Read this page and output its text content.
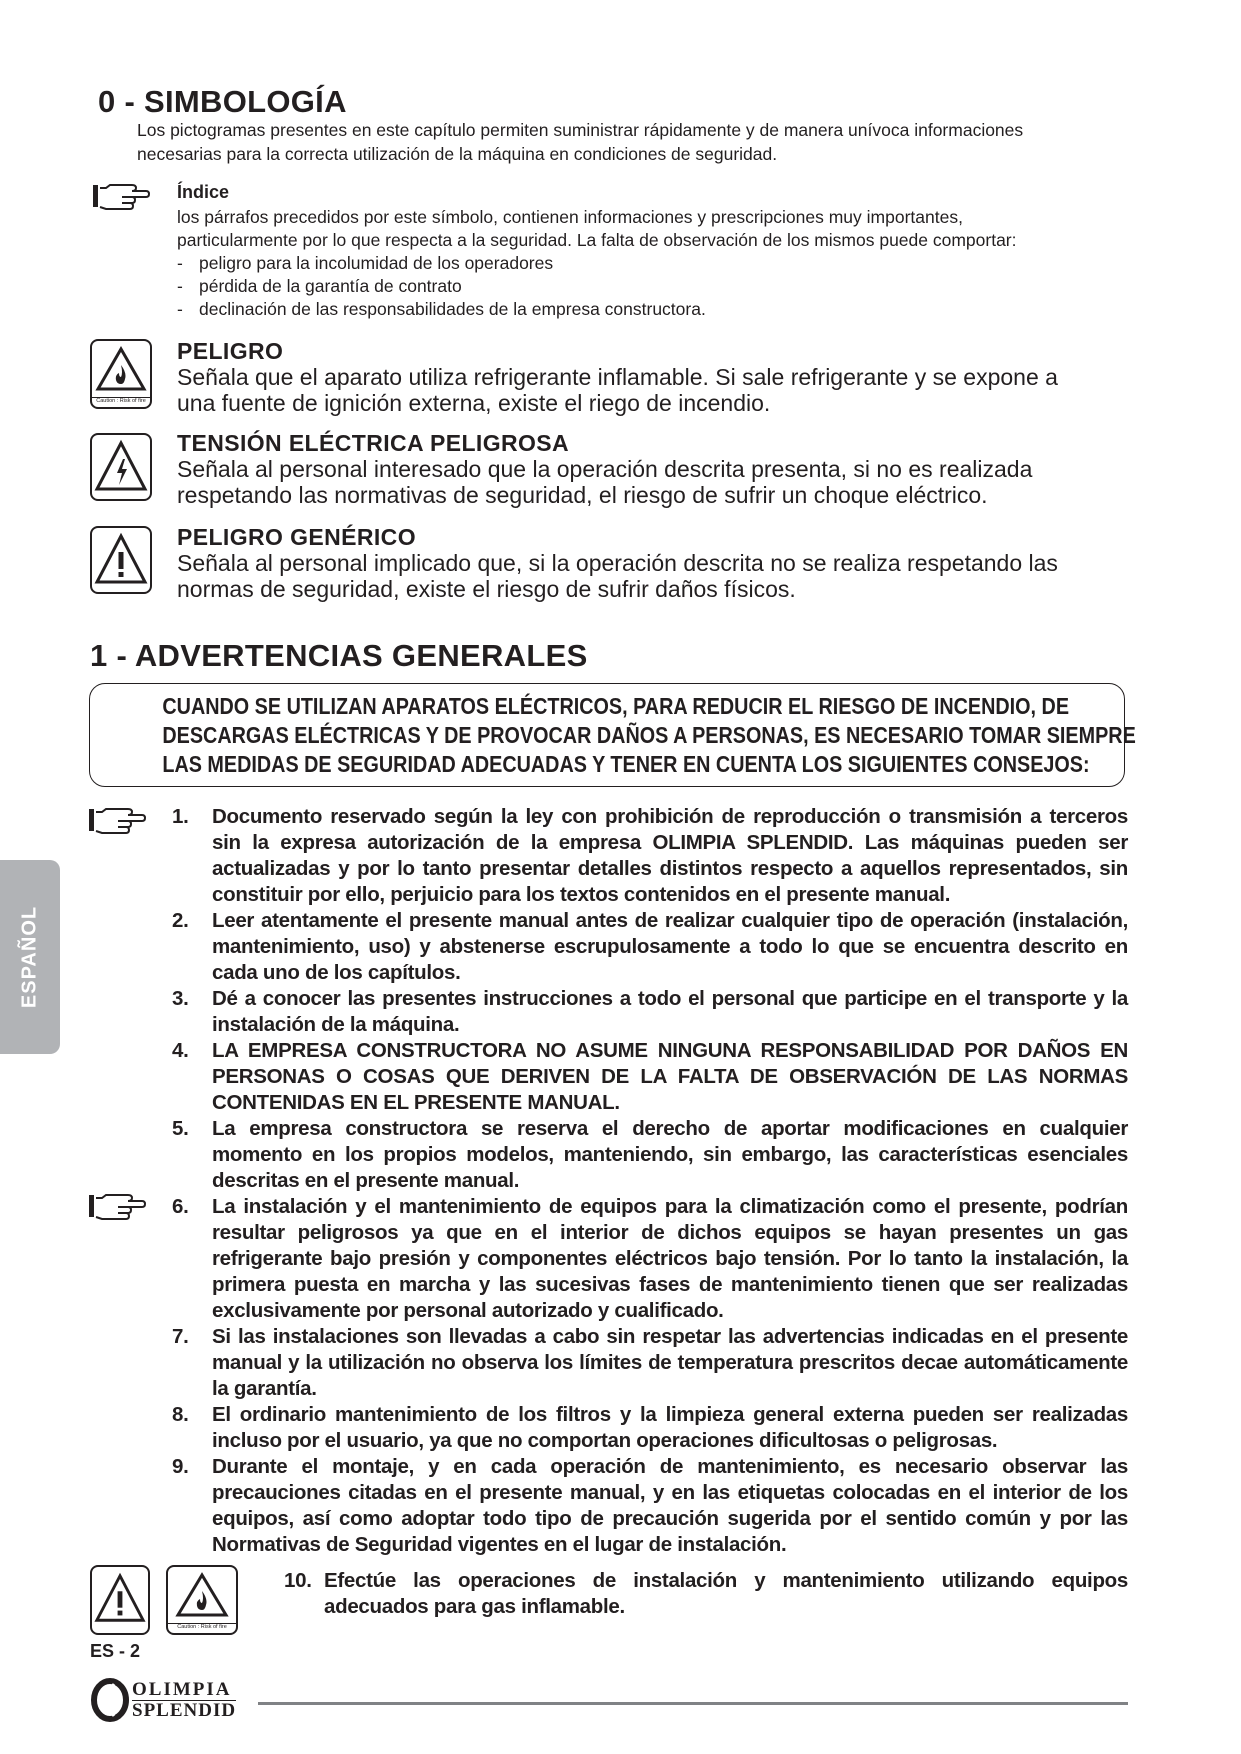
0 - SIMBOLOGÍA
Los pictogramas presentes en este capítulo permiten suministrar rápidamente y de manera unívoca informaciones
necesarias para la correcta utilización de la máquina en condiciones de seguridad.
Índice
los párrafos precedidos por este símbolo, contienen informaciones y prescripciones muy importantes,
particularmente por lo que respecta a la seguridad. La falta de observación de los mismos puede comportar:
- peligro para la incolumidad de los operadores
- pérdida de la garantía de contrato
- declinación de las responsabilidades de la empresa constructora.
Caution : Risk of fire
PELIGRO
Señala que el aparato utiliza refrigerante inflamable. Si sale refrigerante y se expone a
una fuente de ignición externa, existe el riego de incendio.
TENSIÓN ELÉCTRICA PELIGROSA
Señala al personal interesado que la operación descrita presenta, si no es realizada
respetando las normativas de seguridad, el riesgo de sufrir un choque eléctrico.
PELIGRO GENÉRICO
Señala al personal implicado que, si la operación descrita no se realiza respetando las
normas de seguridad, existe el riesgo de sufrir daños físicos.
1 - ADVERTENCIAS GENERALES
CUANDO SE UTILIZAN APARATOS ELÉCTRICOS, PARA REDUCIR EL RIESGO DE INCENDIO, DE
DESCARGAS ELÉCTRICAS Y DE PROVOCAR DAÑOS A PERSONAS, ES NECESARIO TOMAR SIEMPRE
LAS MEDIDAS DE SEGURIDAD ADECUADAS Y TENER EN CUENTA LOS SIGUIENTES CONSEJOS:
1. Documento reservado según la ley con prohibición de reproducción o transmisión a terceros sin la expresa autorización de la empresa OLIMPIA SPLENDID. Las máquinas pueden ser actualizadas y por lo tanto presentar detalles distintos respecto a aquellos representados, sin constituir por ello, perjuicio para los textos contenidos en el presente manual.
2. Leer atentamente el presente manual antes de realizar cualquier tipo de operación (instalación, mantenimiento, uso) y abstenerse escrupulosamente a todo lo que se encuentra descrito en cada uno de los capítulos.
3. Dé a conocer las presentes instrucciones a todo el personal que participe en el transporte y la instalación de la máquina.
4. LA EMPRESA CONSTRUCTORA NO ASUME NINGUNA RESPONSABILIDAD POR DAÑOS EN PERSONAS O COSAS QUE DERIVEN DE LA FALTA DE OBSERVACIÓN DE LAS NORMAS CONTENIDAS EN EL PRESENTE MANUAL.
5. La empresa constructora se reserva el derecho de aportar modificaciones en cualquier momento en los propios modelos, manteniendo, sin embargo, las características esenciales descritas en el presente manual.
6. La instalación y el mantenimiento de equipos para la climatización como el presente, podrían resultar peligrosos ya que en el interior de dichos equipos se hayan presentes un gas refrigerante bajo presión y componentes eléctricos bajo tensión. Por lo tanto la instalación, la primera puesta en marcha y las sucesivas fases de mantenimiento tienen que ser realizadas exclusivamente por personal autorizado y cualificado.
7. Si las instalaciones son llevadas a cabo sin respetar las advertencias indicadas en el presente manual y la utilización no observa los límites de temperatura prescritos decae automáticamente la garantía.
8. El ordinario mantenimiento de los filtros y la limpieza general externa pueden ser realizadas incluso por el usuario, ya que no comportan operaciones dificultosas o peligrosas.
9. Durante el montaje, y en cada operación de mantenimiento, es necesario observar las precauciones citadas en el presente manual, y en las etiquetas colocadas en el interior de los equipos, así como adoptar todo tipo de precaución sugerida por el sentido común y por las Normativas de Seguridad vigentes en el lugar de instalación.
10. Efectúe las operaciones de instalación y mantenimiento utilizando equipos adecuados para gas inflamable.
Caution : Risk of fire
ESPAÑOL
ES - 2
OLIMPIA
SPLENDID
